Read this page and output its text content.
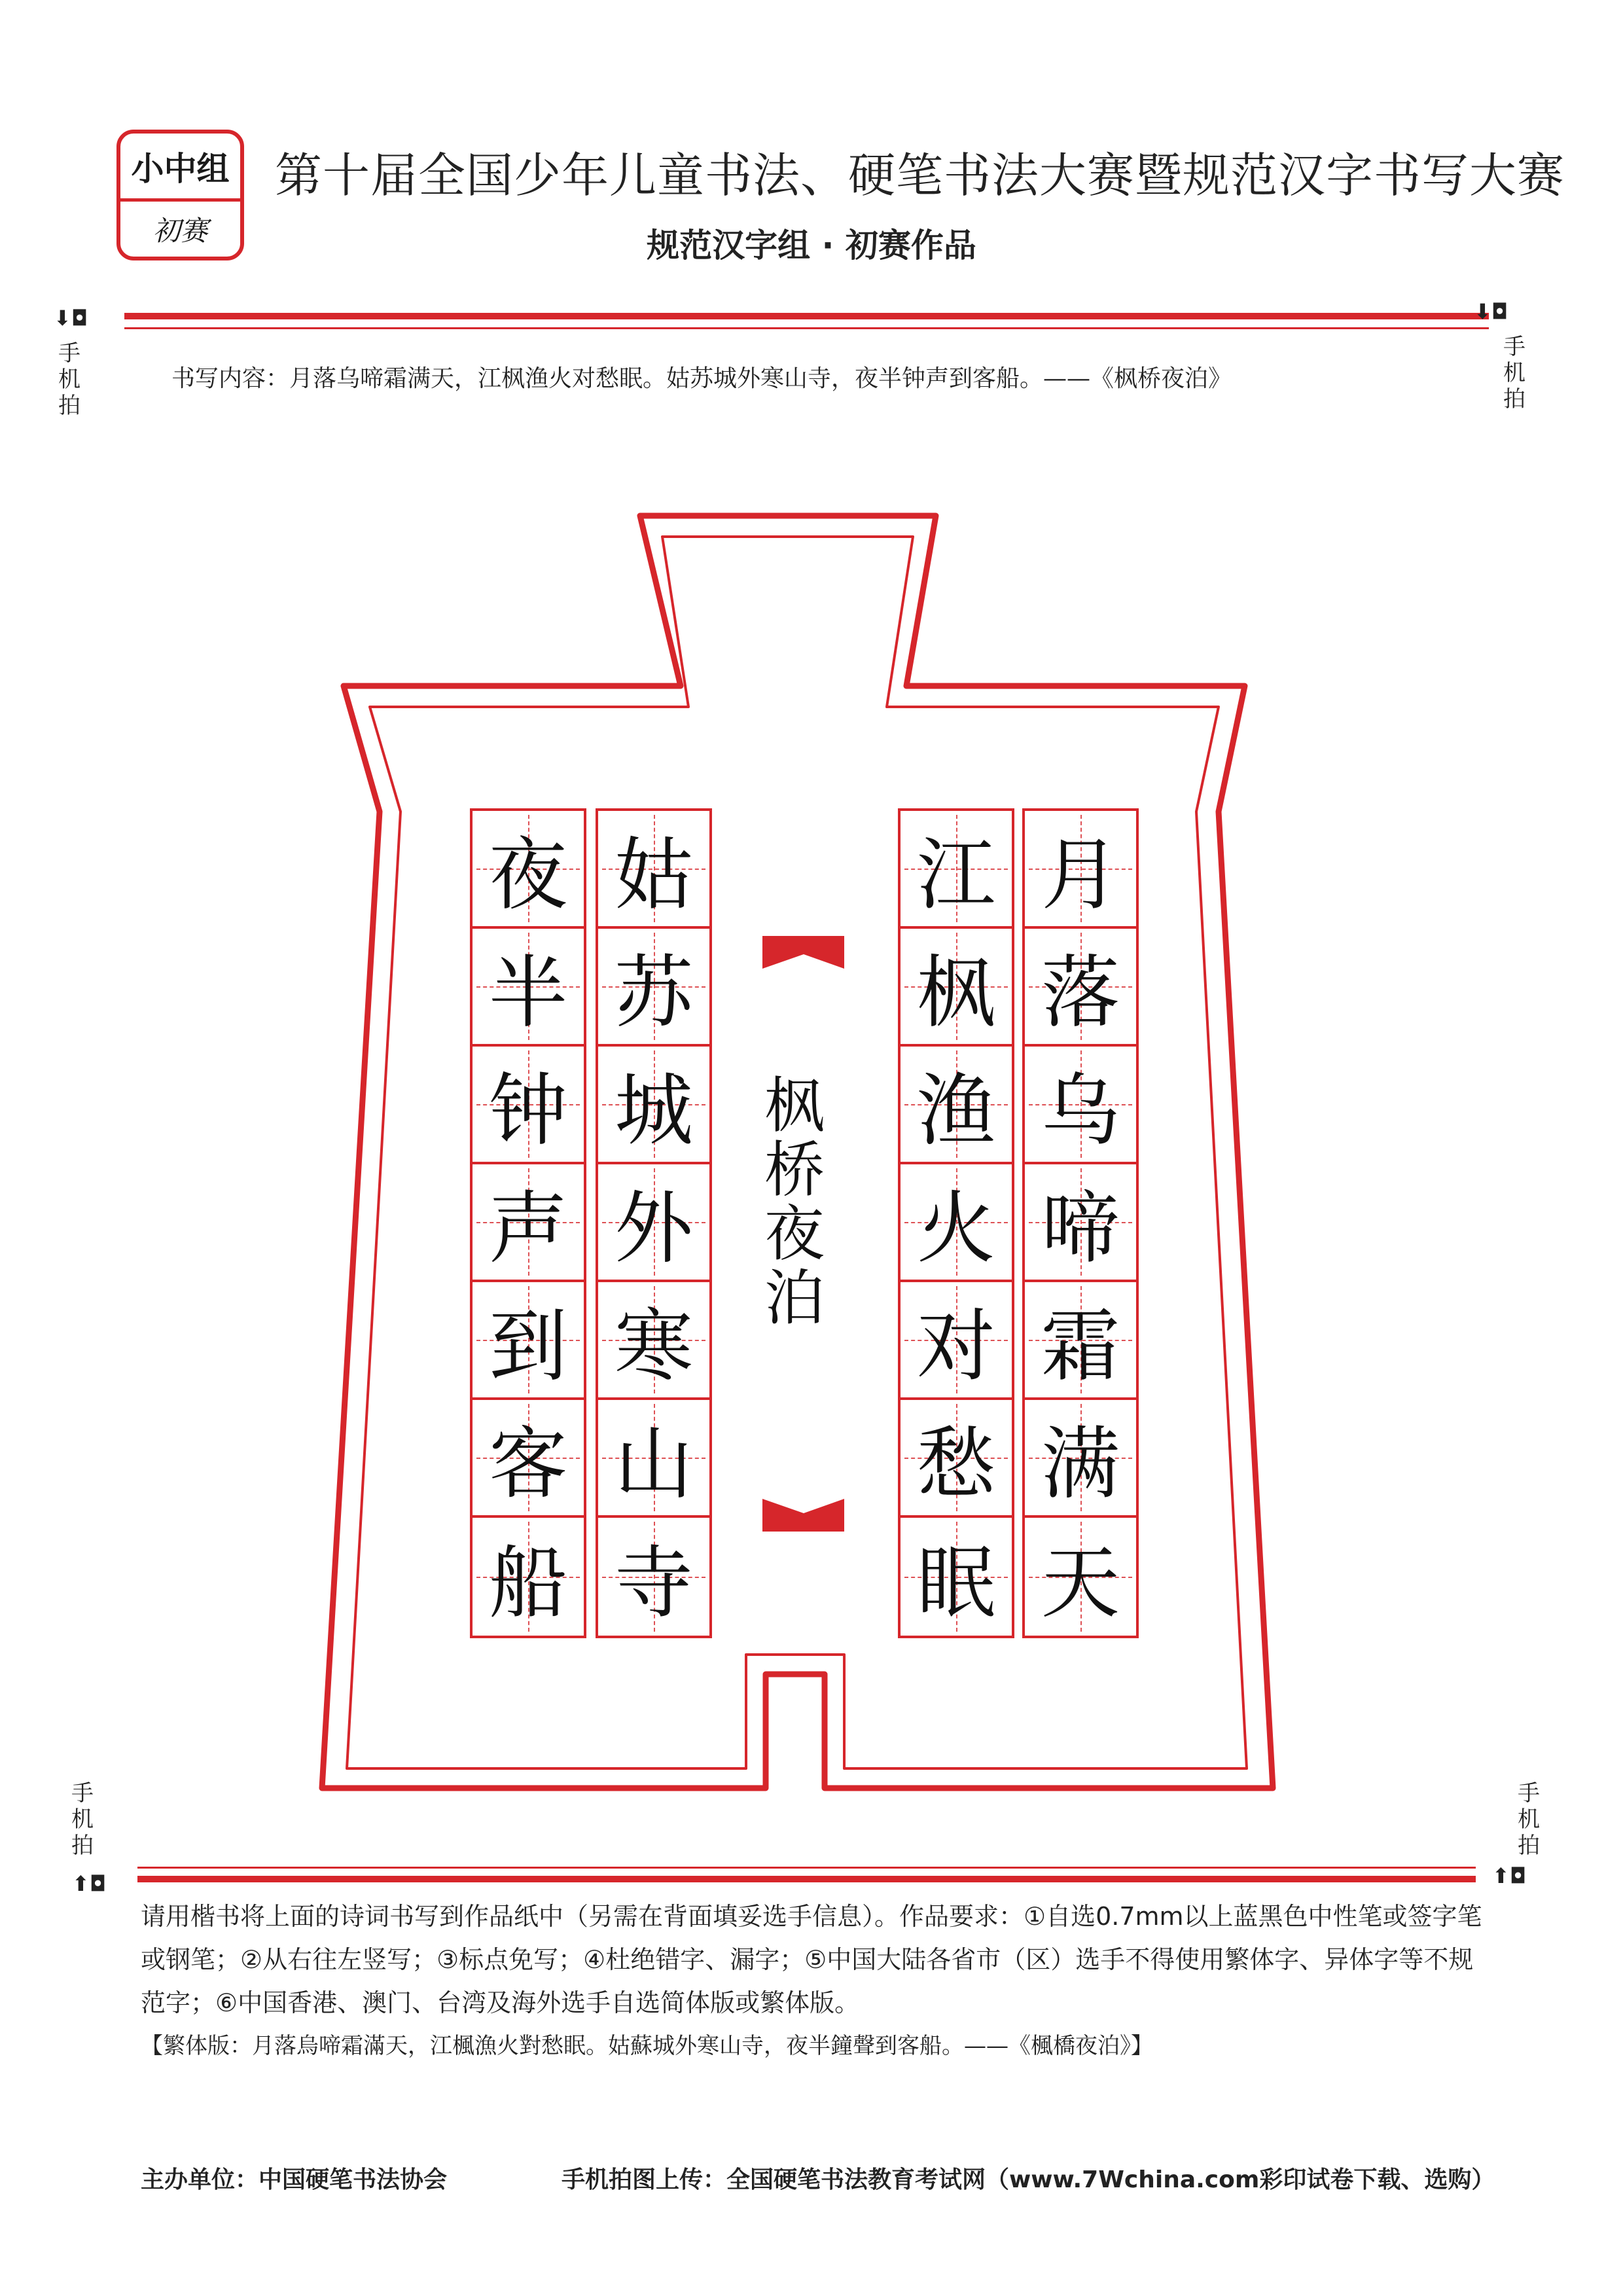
小中组
初赛
第十届全国少年儿童书法、硬笔书法大赛暨规范汉字书写大赛
规范汉字组 · 初赛作品
⬇◘
手
机
拍
⬇◘
手
机
拍
书写内容：月落乌啼霜满天，江枫渔火对愁眠。姑苏城外寒山寺，夜半钟声到客船。——《枫桥夜泊》
月
落
乌
啼
霜
满
天
江
枫
渔
火
对
愁
眠
姑
苏
城
外
寒
山
寺
夜
半
钟
声
到
客
船
枫桥夜泊
手
机
拍
⬆◘
手
机
拍
⬆◘
请用楷书将上面的诗词书写到作品纸中（另需在背面填妥选手信息）。作品要求：①自选0.7mm以上蓝黑色中性笔或签字笔或钢笔；②从右往左竖写；③标点免写；④杜绝错字、漏字；⑤中国大陆各省市（区）选手不得使用繁体字、异体字等不规范字；⑥中国香港、澳门、台湾及海外选手自选简体版或繁体版。
【繁体版：月落烏啼霜滿天，江楓漁火對愁眠。姑蘇城外寒山寺，夜半鐘聲到客船。——《楓橋夜泊》】
主办单位：中国硬笔书法协会	手机拍图上传：全国硬笔书法教育考试网（www.7Wchina.com彩印试卷下载、选购）
